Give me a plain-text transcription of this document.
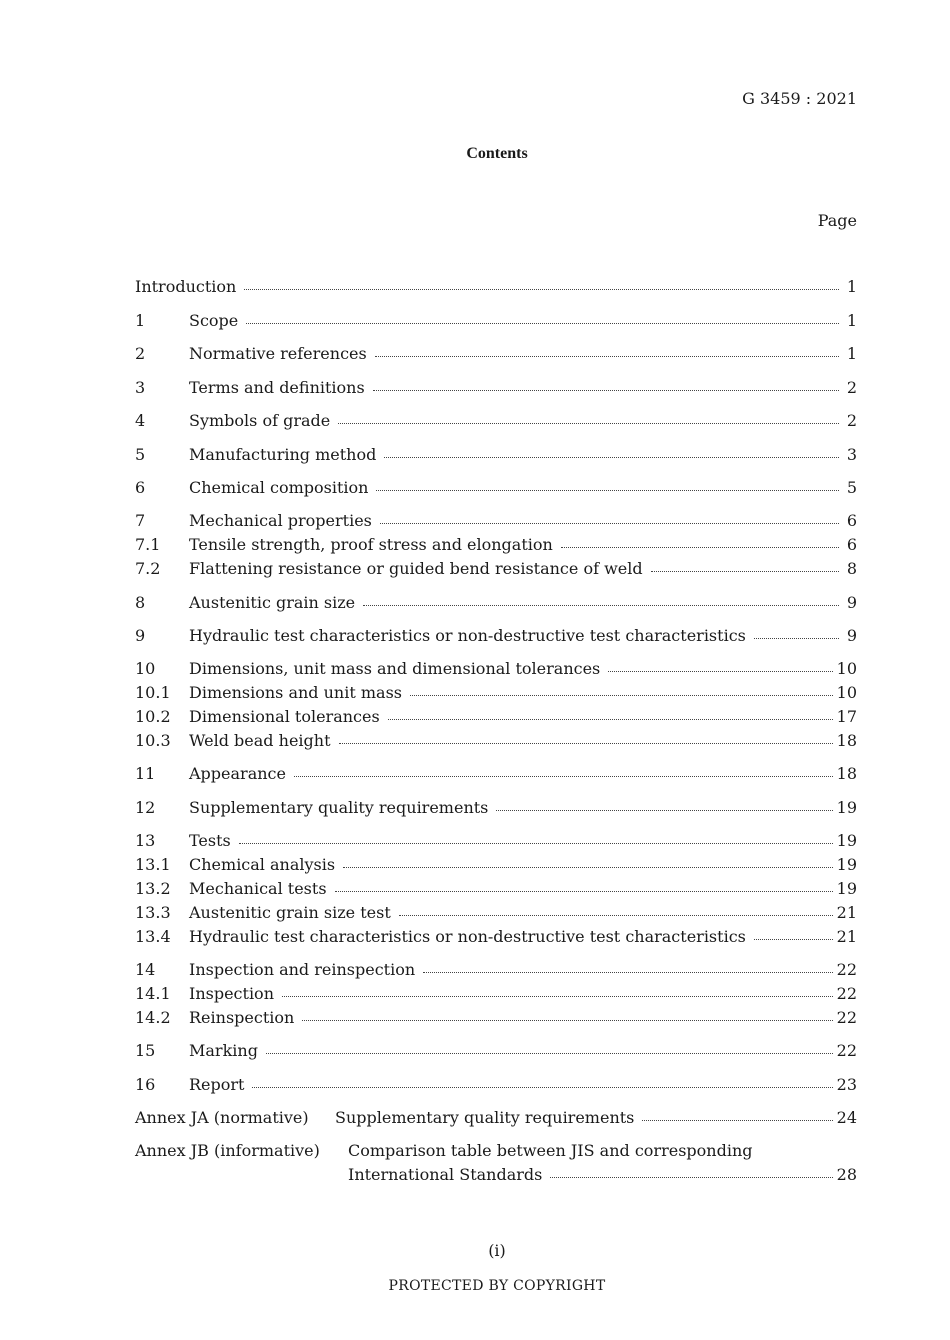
G 3459 : 2021
Contents
Page
Introduction	1
1	Scope	1
2	Normative references	1
3	Terms and definitions	2
4	Symbols of grade	2
5	Manufacturing method	3
6	Chemical composition	5
7	Mechanical properties	6
7.1	Tensile strength, proof stress and elongation	6
7.2	Flattening resistance or guided bend resistance of weld	8
8	Austenitic grain size	9
9	Hydraulic test characteristics or non-destructive test characteristics	9
10	Dimensions, unit mass and dimensional tolerances	10
10.1	Dimensions and unit mass	10
10.2	Dimensional tolerances	17
10.3	Weld bead height	18
11	Appearance	18
12	Supplementary quality requirements	19
13	Tests	19
13.1	Chemical analysis	19
13.2	Mechanical tests	19
13.3	Austenitic grain size test	21
13.4	Hydraulic test characteristics or non-destructive test characteristics	21
14	Inspection and reinspection	22
14.1	Inspection	22
14.2	Reinspection	22
15	Marking	22
16	Report	23
Annex JA (normative)	Supplementary quality requirements	24
Annex JB (informative)	Comparison table between JIS and corresponding
International Standards	28
(i)
PROTECTED BY COPYRIGHT
